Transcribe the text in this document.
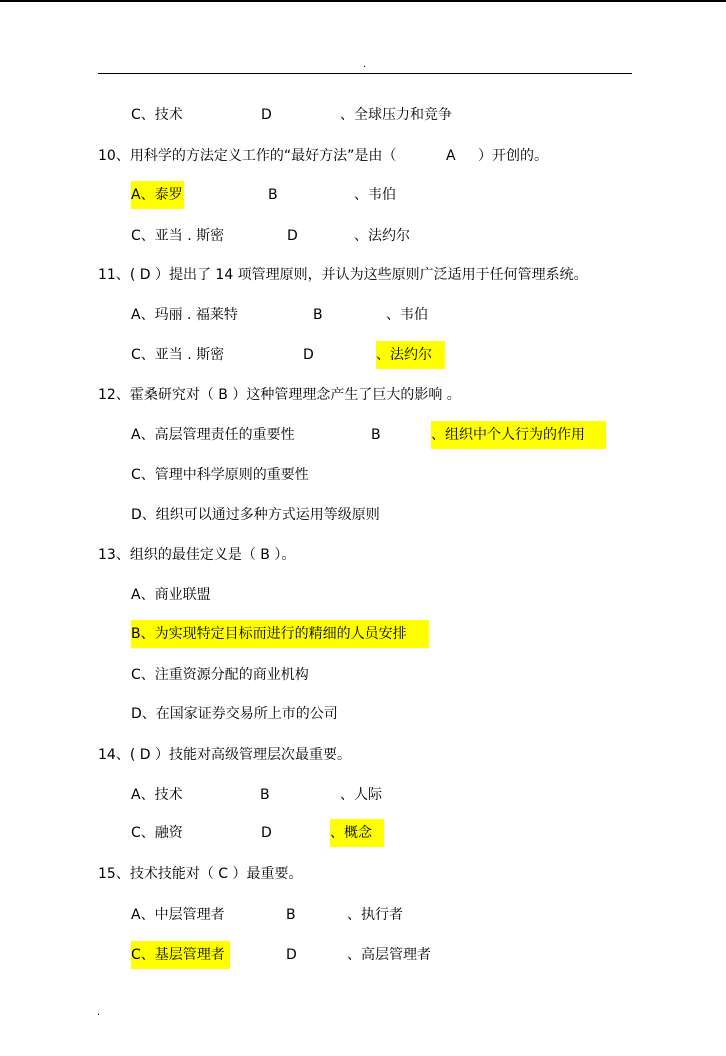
.
C、技术	D	、全球压力和竞争
10、用科学的方法定义工作的“最好方法”是由（	A ）开创的。
A、泰罗	B	、韦伯
C、亚当 . 斯密	D	、法约尔
11、( D ）提出了 14 项管理原则，并认为这些原则广泛适用于任何管理系统。
A、玛丽 . 福莱特	B	、韦伯
C、亚当 . 斯密	D	、法约尔
12、霍桑研究对（ B ）这种管理理念产生了巨大的影响 。
A、高层管理责任的重要性	B	、组织中个人行为的作用
C、管理中科学原则的重要性
D、组织可以通过多种方式运用等级原则
13、组织的最佳定义是（ B ）。
A、商业联盟
B、为实现特定目标而进行的精细的人员安排
C、注重资源分配的商业机构
D、在国家证券交易所上市的公司
14、( D ）技能对高级管理层次最重要。
A、技术	B	、人际
C、融资	D	、概念
15、技术技能对（ C ）最重要。
A、中层管理者	B	、执行者
C、基层管理者	D	、高层管理者
.
